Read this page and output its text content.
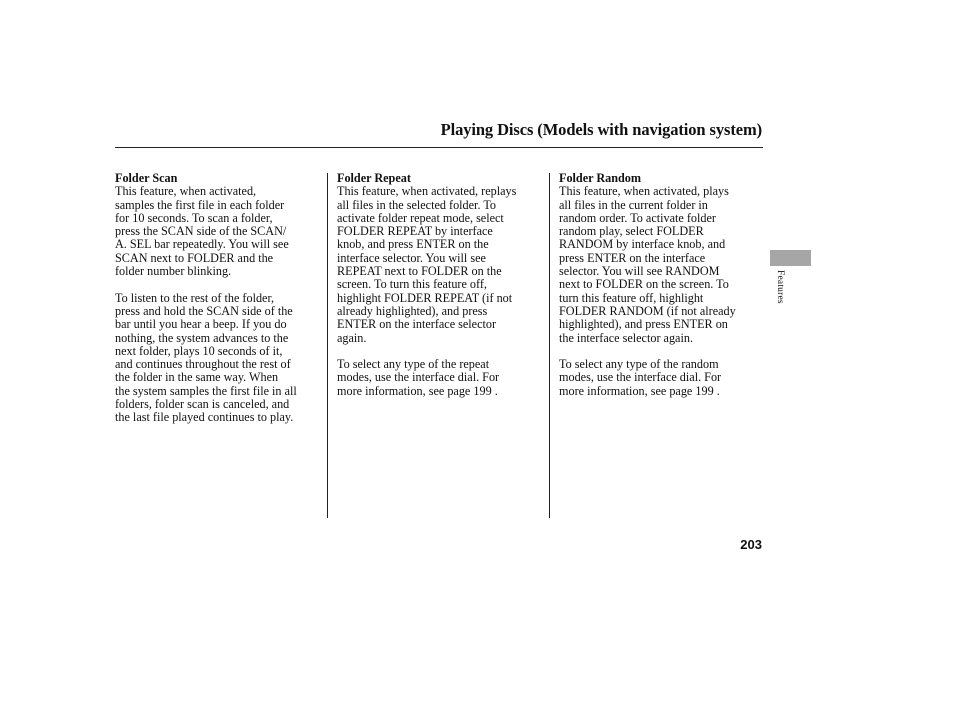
Playing Discs (Models with navigation system)
Folder Scan

This feature, when activated,
samples the first file in each folder
for 10 seconds. To scan a folder,
press the SCAN side of the SCAN/
A. SEL bar repeatedly. You will see
SCAN next to FOLDER and the
folder number blinking.

To listen to the rest of the folder,
press and hold the SCAN side of the
bar until you hear a beep. If you do
nothing, the system advances to the
next folder, plays 10 seconds of it,
and continues throughout the rest of
the folder in the same way. When
the system samples the first file in all
folders, folder scan is canceled, and
the last file played continues to play.

Folder Repeat

This feature, when activated, replays
all files in the selected folder. To
activate folder repeat mode, select
FOLDER REPEAT by interface
knob, and press ENTER on the
interface selector. You will see
REPEAT next to FOLDER on the
screen. To turn this feature off,
highlight FOLDER REPEAT (if not
already highlighted), and press
ENTER on the interface selector
again.

To select any type of the repeat
modes, use the interface dial. For
more information, see page 199 .

Folder Random

This feature, when activated, plays
all files in the current folder in
random order. To activate folder
random play, select FOLDER
RANDOM by interface knob, and
press ENTER on the interface
selector. You will see RANDOM
next to FOLDER on the screen. To
turn this feature off, highlight
FOLDER RANDOM (if not already
highlighted), and press ENTER on
the interface selector again.

To select any type of the random
modes, use the interface dial. For
more information, see page 199 .

Features
203
